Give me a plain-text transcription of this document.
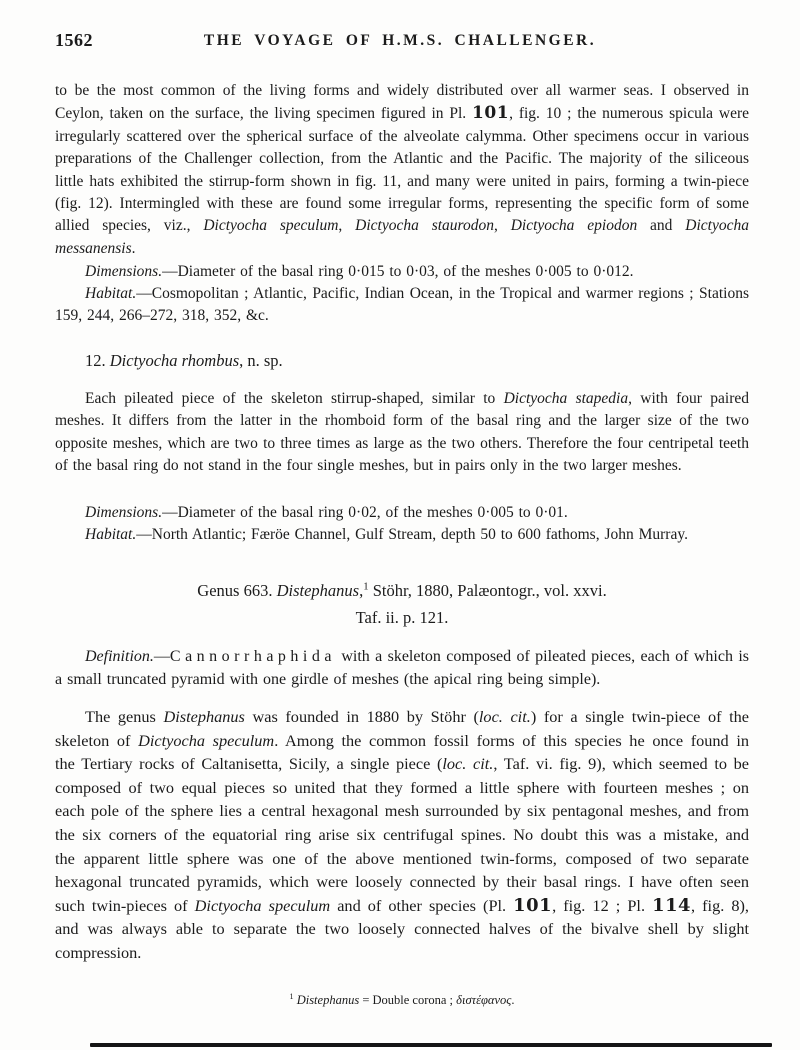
1562	THE VOYAGE OF H.M.S. CHALLENGER.
to be the most common of the living forms and widely distributed over all warmer seas. I observed in Ceylon, taken on the surface, the living specimen figured in Pl. 101, fig. 10 ; the numerous spicula were irregularly scattered over the spherical surface of the alveolate calymma. Other specimens occur in various preparations of the Challenger collection, from the Atlantic and the Pacific. The majority of the siliceous little hats exhibited the stirrup-form shown in fig. 11, and many were united in pairs, forming a twin-piece (fig. 12). Intermingled with these are found some irregular forms, representing the specific form of some allied species, viz., Dictyocha speculum, Dictyocha staurodon, Dictyocha epiodon and Dictyocha messanensis.
Dimensions.—Diameter of the basal ring 0·015 to 0·03, of the meshes 0·005 to 0·012.
Habitat.—Cosmopolitan ; Atlantic, Pacific, Indian Ocean, in the Tropical and warmer regions ; Stations 159, 244, 266–272, 318, 352, &c.
12. Dictyocha rhombus, n. sp.
Each pileated piece of the skeleton stirrup-shaped, similar to Dictyocha stapedia, with four paired meshes. It differs from the latter in the rhomboid form of the basal ring and the larger size of the two opposite meshes, which are two to three times as large as the two others. Therefore the four centripetal teeth of the basal ring do not stand in the four single meshes, but in pairs only in the two larger meshes.
Dimensions.—Diameter of the basal ring 0·02, of the meshes 0·005 to 0·01.
Habitat.—North Atlantic; Færöe Channel, Gulf Stream, depth 50 to 600 fathoms, John Murray.
Genus 663. Distephanus,$^1$ Stöhr, 1880, Palæontogr., vol. xxvi.
Taf. ii. p. 121.
Definition.—Cannorrhaphida with a skeleton composed of pileated pieces, each of which is a small truncated pyramid with one girdle of meshes (the apical ring being simple).
The genus Distephanus was founded in 1880 by Stöhr (loc. cit.) for a single twin-piece of the skeleton of Dictyocha speculum. Among the common fossil forms of this species he once found in the Tertiary rocks of Caltanisetta, Sicily, a single piece (loc. cit., Taf. vi. fig. 9), which seemed to be composed of two equal pieces so united that they formed a little sphere with fourteen meshes ; on each pole of the sphere lies a central hexagonal mesh surrounded by six pentagonal meshes, and from the six corners of the equatorial ring arise six centrifugal spines. No doubt this was a mistake, and the apparent little sphere was one of the above mentioned twin-forms, composed of two separate hexagonal truncated pyramids, which were loosely connected by their basal rings. I have often seen such twin-pieces of Dictyocha speculum and of other species (Pl. 101, fig. 12 ; Pl. 114, fig. 8), and was always able to separate the two loosely connected halves of the bivalve shell by slight compression.
$^1$ Distephanus = Double corona ; διστέφανος.
